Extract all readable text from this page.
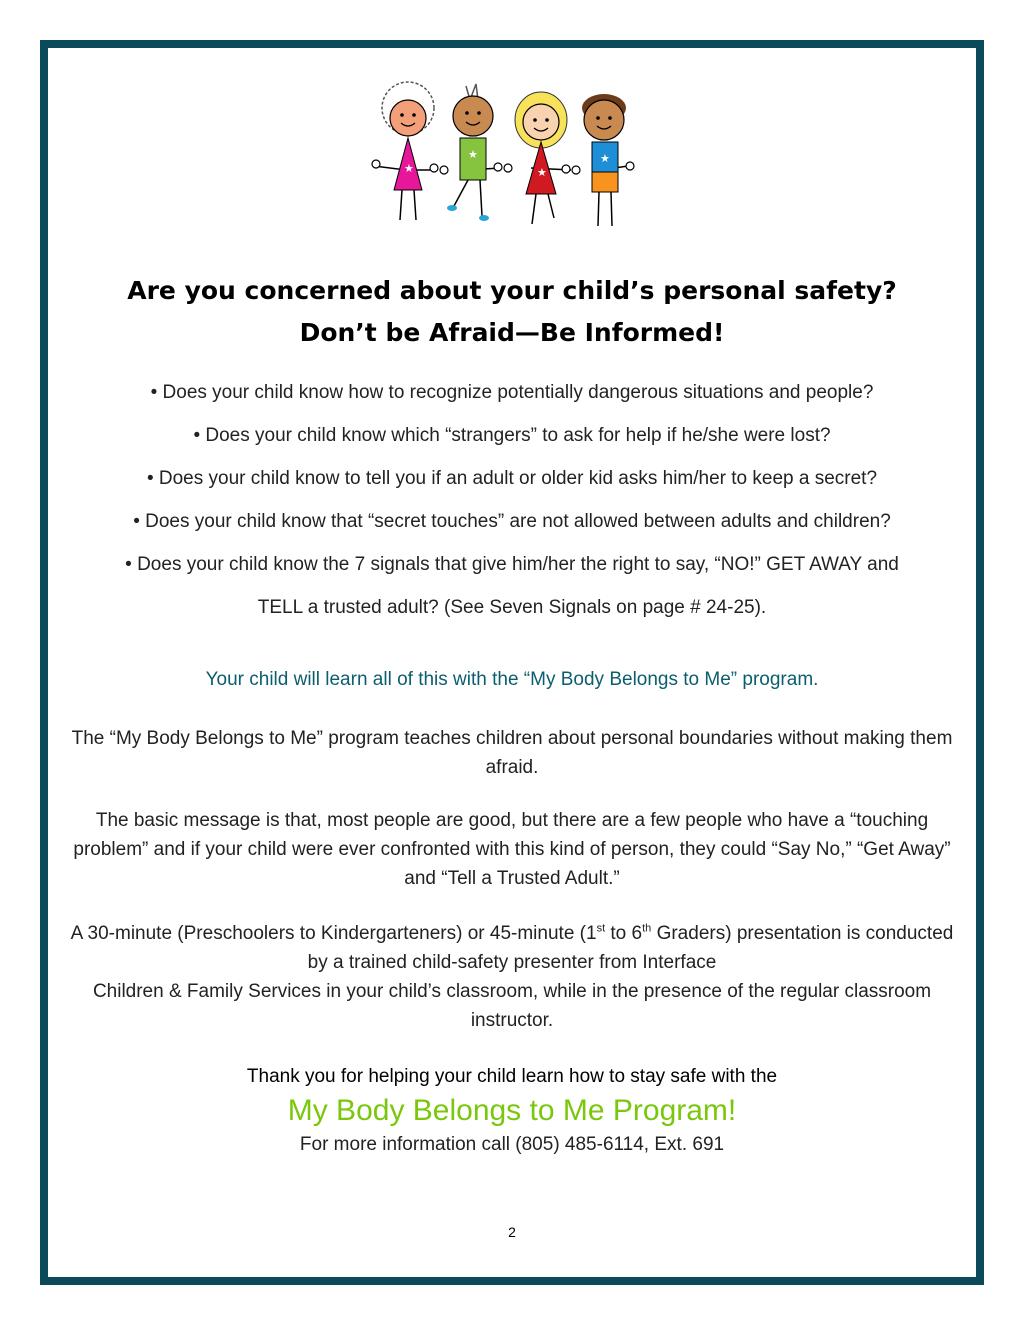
★
★
★
★
Are you concerned about your child’s personal safety?
Don’t be Afraid—Be Informed!

• Does your child know how to recognize potentially dangerous situations and people?

• Does your child know which “strangers” to ask for help if he/she were lost?

• Does your child know to tell you if an adult or older kid asks him/her to keep a secret?

• Does your child know that “secret touches” are not allowed between adults and children?

• Does your child know the 7 signals that give him/her the right to say, “NO!” GET AWAY and

TELL a trusted adult? (See Seven Signals on page # 24-25).

Your child will learn all of this with the “My Body Belongs to Me” program.

The “My Body Belongs to Me” program teaches children about personal boundaries without making them afraid.

The basic message is that, most people are good, but there are a few people who have a “touching problem” and if your child were ever confronted with this kind of person, they could “Say No,” “Get Away” and “Tell a Trusted Adult.”

A 30-minute (Preschoolers to Kindergarteners) or 45-minute (1st to 6th Graders) presentation is conducted by a trained child-safety presenter from Interface

Children & Family Services in your child’s classroom, while in the presence of the regular classroom instructor.

Thank you for helping your child learn how to stay safe with the

My Body Belongs to Me Program!

For more information call (805) 485-6114, Ext. 691

2
